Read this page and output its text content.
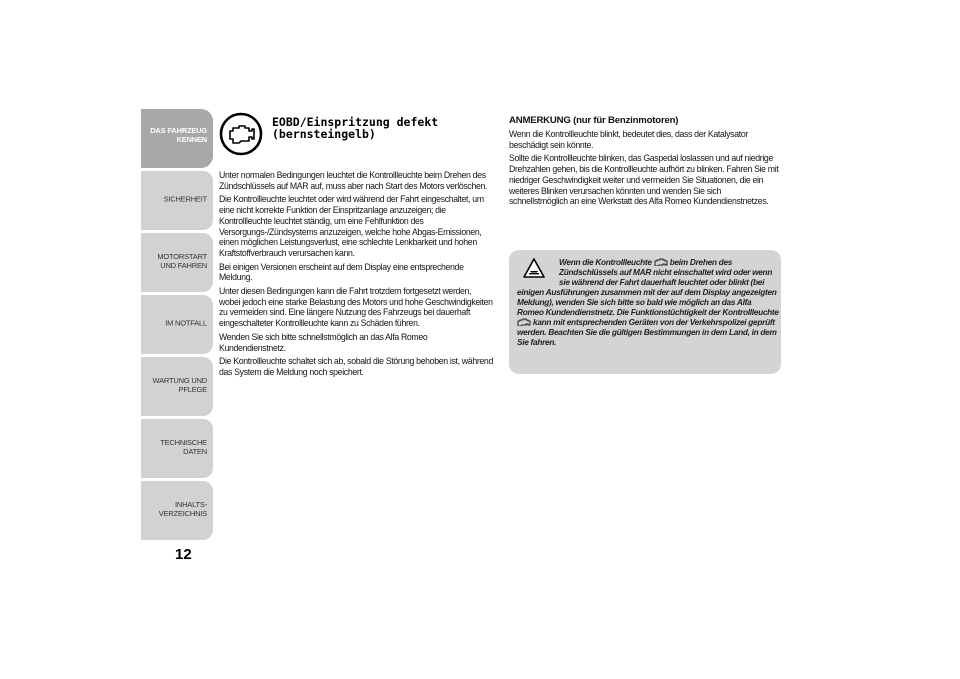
DAS FAHRZEUG KENNEN
SICHERHEIT
MOTORSTART UND FAHREN
IM NOTFALL
WARTUNG UND PFLEGE
TECHNISCHE DATEN
INHALTS-VERZEICHNIS
12
EOBD/Einspritzung defekt (bernsteingelb)

Unter normalen Bedingungen leuchtet die Kontrollleuchte beim Drehen des Zündschlüssels auf MAR auf, muss aber nach Start des Motors verlöschen.

Die Kontrollleuchte leuchtet oder wird während der Fahrt eingeschaltet, um eine nicht korrekte Funktion der Einspritzanlage anzuzeigen; die Kontrollleuchte leuchtet ständig, um eine Fehlfunktion des Versorgungs-/Zündsystems anzuzeigen, welche hohe Abgas-Emissionen, einen möglichen Leistungsverlust, eine schlechte Lenkbarkeit und hohen Kraftstoffverbrauch verursachen kann.

Bei einigen Versionen erscheint auf dem Display eine entsprechende Meldung.

Unter diesen Bedingungen kann die Fahrt trotzdem fortgesetzt werden, wobei jedoch eine starke Belastung des Motors und hohe Geschwindigkeiten zu vermeiden sind. Eine längere Nutzung des Fahrzeugs bei dauerhaft eingeschalteter Kontrollleuchte kann zu Schäden führen.

Wenden Sie sich bitte schnellstmöglich an das Alfa Romeo Kundendienstnetz.

Die Kontrollleuchte schaltet sich ab, sobald die Störung behoben ist, während das System die Meldung noch speichert.

ANMERKUNG (nur für Benzinmotoren)

Wenn die Kontrollleuchte blinkt, bedeutet dies, dass der Katalysator beschädigt sein könnte.

Sollte die Kontrollleuchte blinken, das Gaspedal loslassen und auf niedrige Drehzahlen gehen, bis die Kontrollleuchte aufhört zu blinken. Fahren Sie mit niedriger Geschwindigkeit weiter und vermeiden Sie Situationen, die ein weiteres Blinken verursachen könnten und wenden Sie sich schnellstmöglich an eine Werkstatt des Alfa Romeo Kundendienstnetzes.

Wenn die Kontrollleuchte beim Drehen des Zündschlüssels auf MAR nicht einschaltet wird oder wenn sie während der Fahrt dauerhaft leuchtet oder blinkt (bei
einigen Ausführungen zusammen mit der auf dem Display angezeigten Meldung), wenden Sie sich bitte so bald wie möglich an das Alfa Romeo Kundendienstnetz. Die Funktionstüchtigkeit der Kontrollleuchte  kann mit entsprechenden Geräten von der Verkehrspolizei geprüft werden. Beachten Sie die gültigen Bestimmungen in dem Land, in dem Sie fahren.
